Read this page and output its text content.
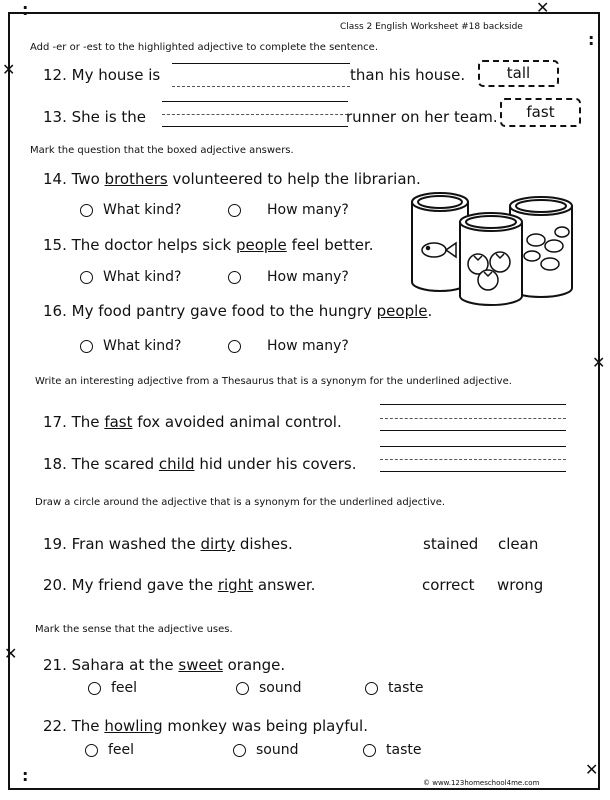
:
✕
✕
:
✕
✕
:	✕
Class 2 English Worksheet #18 backside
Add -er or -est to the highlighted adjective to complete the sentence.
12. My house is	than his house.	tall
13. She is the	runner on her team.	fast
Mark the question that the boxed adjective answers.
14. Two brothers volunteered to help the librarian.
What kind?	How many?
15. The doctor helps sick people feel better.
What kind?	How many?
16. My food pantry gave food to the hungry people.
What kind?	How many?
Write an interesting adjective from a Thesaurus that is a synonym for the underlined adjective.
17. The fast fox avoided animal control.
18. The scared child hid under his covers.
Draw a circle around the adjective that is a synonym for the underlined adjective.
19. Fran washed the dirty dishes.	stained clean
20. My friend gave the right answer.	correct wrong
Mark the sense that the adjective uses.
21. Sahara at the sweet orange.
feel	sound	taste
22. The howling monkey was being playful.
feel	sound	taste
© www.123homeschool4me.com
